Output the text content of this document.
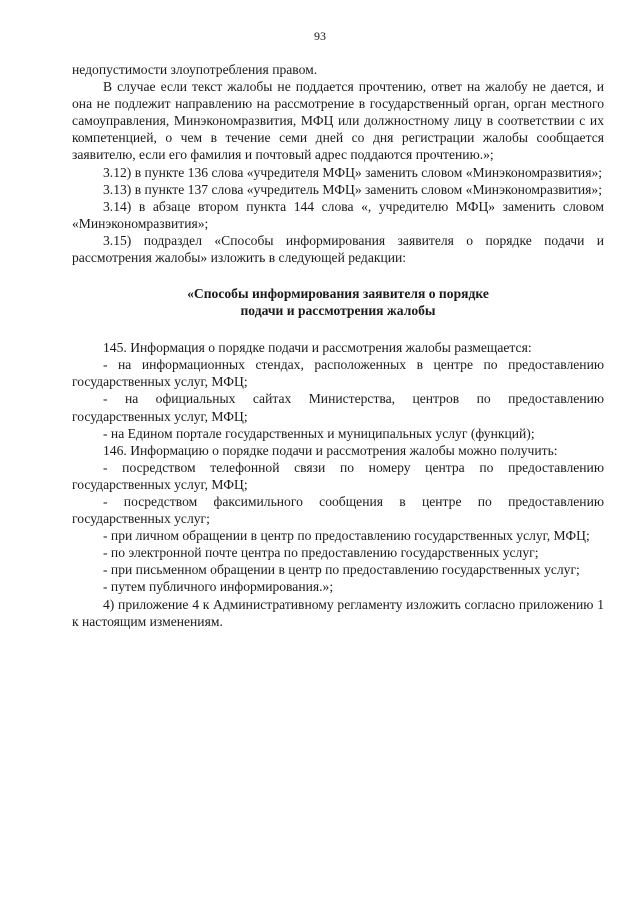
93

недопустимости злоупотребления правом.

В случае если текст жалобы не поддается прочтению, ответ на жалобу не дается, и она не подлежит направлению на рассмотрение в государственный орган, орган местного самоуправления, Минэкономразвития, МФЦ или должностному лицу в соответствии с их компетенцией, о чем в течение семи дней со дня регистрации жалобы сообщается заявителю, если его фамилия и почтовый адрес поддаются прочтению.»;

3.12) в пункте 136 слова «учредителя МФЦ» заменить словом «Минэкономразвития»;

3.13) в пункте 137 слова «учредитель МФЦ» заменить словом «Минэкономразвития»;

3.14) в абзаце втором пункта 144 слова «, учредителю МФЦ» заменить словом «Минэкономразвития»;

3.15) подраздел «Способы информирования заявителя о порядке подачи и рассмотрения жалобы» изложить в следующей редакции:

«Способы информирования заявителя о порядке
подачи и рассмотрения жалобы

145. Информация о порядке подачи и рассмотрения жалобы размещается:

- на информационных стендах, расположенных в центре по предоставлению государственных услуг, МФЦ;

- на официальных сайтах Министерства, центров по предоставлению государственных услуг, МФЦ;

- на Едином портале государственных и муниципальных услуг (функций);

146. Информацию о порядке подачи и рассмотрения жалобы можно получить:

- посредством телефонной связи по номеру центра по предоставлению государственных услуг, МФЦ;

- посредством факсимильного сообщения в центре по предоставлению государственных услуг;

- при личном обращении в центр по предоставлению государственных услуг, МФЦ;

- по электронной почте центра по предоставлению государственных услуг;

- при письменном обращении в центр по предоставлению государственных услуг;

- путем публичного информирования.»;

4) приложение 4 к Административному регламенту изложить согласно приложению 1 к настоящим изменениям.
